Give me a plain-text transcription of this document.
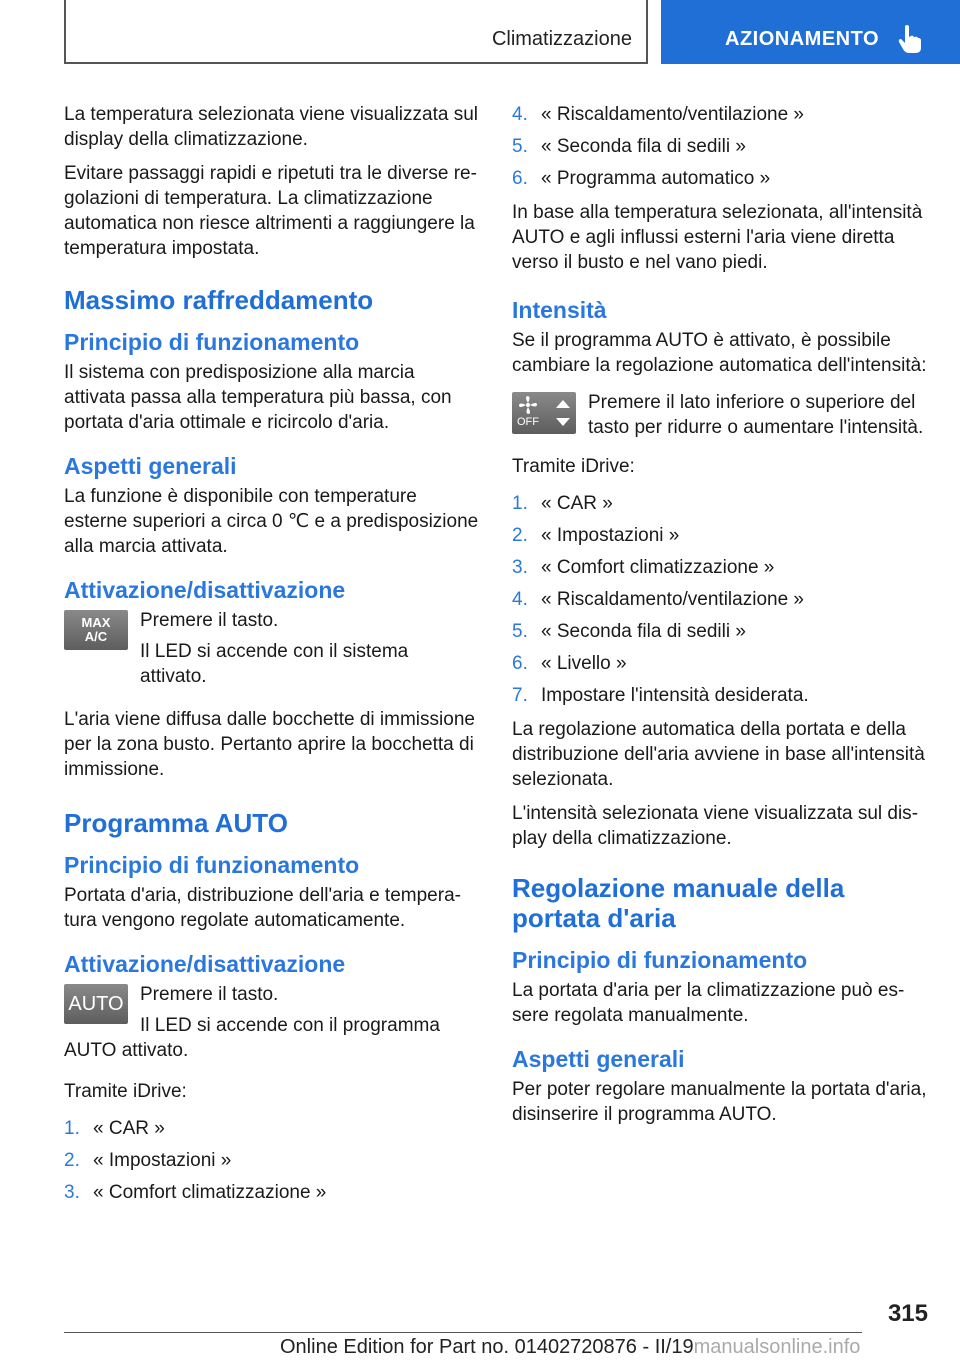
Climatizzazione	AZIONAMENTO

La temperatura selezionata viene visualizzata sul display della climatizzazione.

Evitare passaggi rapidi e ripetuti tra le diverse regolazioni di temperatura. La climatizzazione automatica non riesce altrimenti a raggiungere la temperatura impostata.

Massimo raffreddamento
Principio di funzionamento

Il sistema con predisposizione alla marcia attivata passa alla temperatura più bassa, con portata d'aria ottimale e ricircolo d'aria.

Aspetti generali

La funzione è disponibile con temperature esterne superiori a circa 0 ℃ e a predisposizione alla marcia attivata.

Attivazione/disattivazione
MAX
A/C

Premere il tasto.

Il LED si accende con il sistema attivato.

L'aria viene diffusa dalle bocchette di immissione per la zona busto. Pertanto aprire la bocchetta di immissione.

Programma AUTO
Principio di funzionamento

Portata d'aria, distribuzione dell'aria e temperatura vengono regolate automaticamente.

Attivazione/disattivazione
AUTO Premere il tasto.

Il LED si accende con il programma

AUTO attivato.

Tramite iDrive:

1. « CAR »
2. « Impostazioni »
3. « Comfort climatizzazione »
4. « Riscaldamento/ventilazione »
5. « Seconda fila di sedili »
6. « Programma automatico »

In base alla temperatura selezionata, all'intensità AUTO e agli influssi esterni l'aria viene diretta verso il busto e nel vano piedi.

Intensità

Se il programma AUTO è attivato, è possibile cambiare la regolazione automatica dell'intensità:

OFF

Premere il lato inferiore o superiore del tasto per ridurre o aumentare l'intensità.

Tramite iDrive:

1. « CAR »
2. « Impostazioni »
3. « Comfort climatizzazione »
4. « Riscaldamento/ventilazione »
5. « Seconda fila di sedili »
6. « Livello »
7. Impostare l'intensità desiderata.

La regolazione automatica della portata e della distribuzione dell'aria avviene in base all'intensità selezionata.

L'intensità selezionata viene visualizzata sul display della climatizzazione.

Regolazione manuale della portata d'aria
Principio di funzionamento

La portata d'aria per la climatizzazione può essere regolata manualmente.

Aspetti generali

Per poter regolare manualmente la portata d'aria, disinserire il programma AUTO.

315
Online Edition for Part no. 01402720876 - II/19manualsonline.info
